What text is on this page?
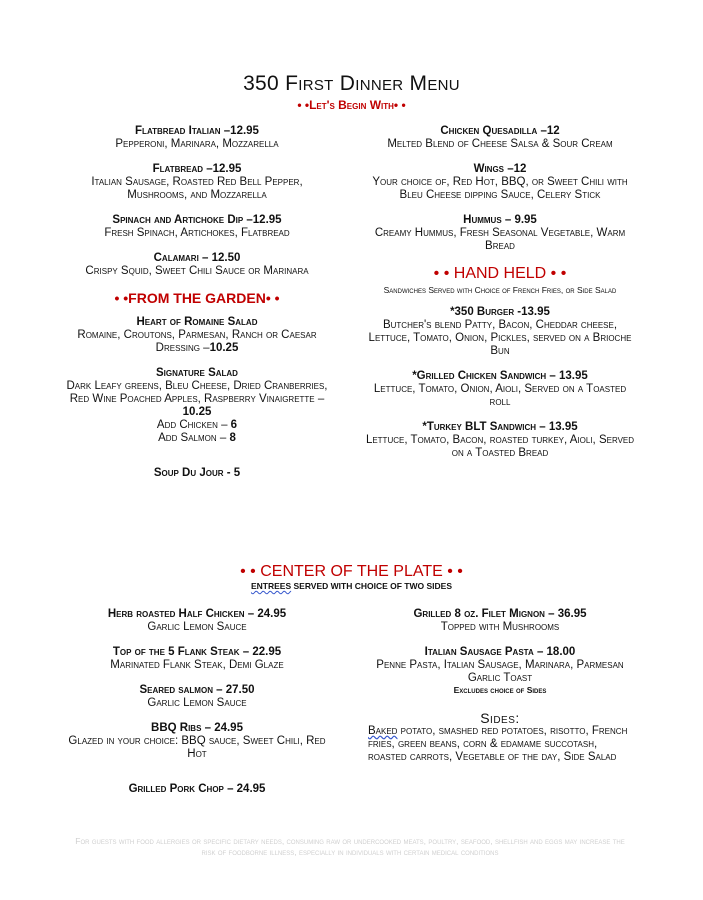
350 First Dinner Menu
• •Let's Begin With• •
Flatbread Italian –12.95
Pepperoni, Marinara, Mozzarella
Flatbread –12.95
Italian Sausage, Roasted Red Bell Pepper, Mushrooms, and Mozzarella
Spinach and Artichoke Dip –12.95
Fresh Spinach, Artichokes, Flatbread
Calamari – 12.50
Crispy Squid, Sweet Chili Sauce or Marinara
• •FROM THE GARDEN• •
Heart of Romaine Salad
Romaine, Croutons, Parmesan, Ranch or Caesar Dressing –10.25
Signature Salad
Dark Leafy greens, Bleu Cheese, Dried Cranberries, Red Wine Poached Apples, Raspberry Vinaigrette –10.25
Add Chicken – 6
Add Salmon – 8
Soup Du Jour - 5
Chicken Quesadilla –12
Melted Blend of Cheese Salsa & Sour Cream
Wings –12
Your choice of, Red Hot, BBQ, or Sweet Chili with Bleu Cheese dipping Sauce, Celery Stick
Hummus – 9.95
Creamy Hummus, Fresh Seasonal Vegetable, Warm Bread
• • HAND HELD • •
Sandwiches Served with Choice of French Fries, or Side Salad
*350 Burger -13.95
Butcher's blend Patty, Bacon, Cheddar cheese, Lettuce, Tomato, Onion, Pickles, served on a Brioche Bun
*Grilled Chicken Sandwich – 13.95
Lettuce, Tomato, Onion, Aioli, Served on a Toasted roll
*Turkey BLT Sandwich – 13.95
Lettuce, Tomato, Bacon, roasted turkey, Aioli, Served on a Toasted Bread
• • CENTER OF THE PLATE • •
ENTREES SERVED WITH CHOICE OF TWO SIDES
Herb roasted Half Chicken – 24.95
Garlic Lemon Sauce
Top of the 5 Flank Steak – 22.95
Marinated Flank Steak, Demi Glaze
Seared salmon – 27.50
Garlic Lemon Sauce
BBQ Ribs – 24.95
Glazed in your choice: BBQ sauce, Sweet Chili, Red Hot
Grilled Pork Chop – 24.95
Grilled 8 oz. Filet Mignon – 36.95
Topped with Mushrooms
Italian Sausage Pasta – 18.00
Penne Pasta, Italian Sausage, Marinara, Parmesan Garlic Toast
Excludes choice of Sides
Sides:
Baked potato, smashed red potatoes, risotto, French fries, green beans, corn & edamame succotash, roasted carrots, Vegetable of the day, Side Salad
For guests with food allergies or specific dietary needs, consuming raw or undercooked meats, poultry, seafood, shellfish and eggs may increase the risk of foodborne illness, especially in individuals with certain medical conditions
